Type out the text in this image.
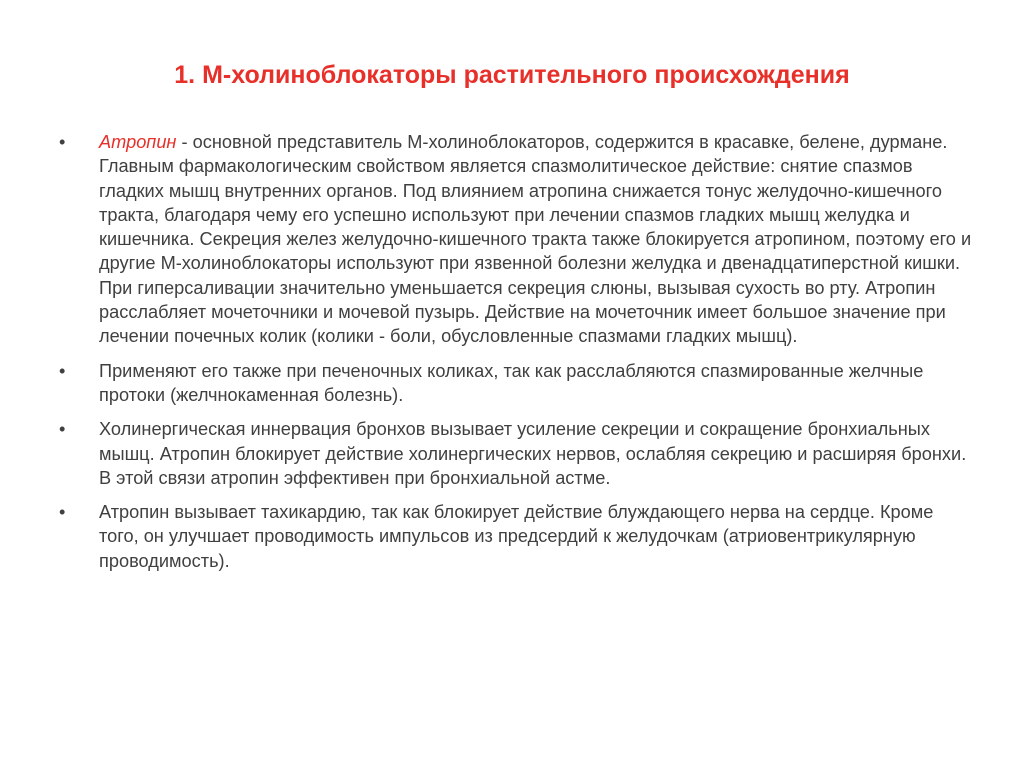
1. М-холиноблокаторы растительного происхождения
•	Атропин - основной представитель М-холиноблокаторов, содержится в красавке, белене, дурмане. Главным фармакологическим свойством является спазмолитическое действие: снятие спазмов гладких мышц внутренних органов. Под влиянием атропина снижается тонус желудочно-кишечного тракта, благодаря чему его успешно используют при лечении спазмов гладких мышц желудка и кишечника. Секреция желез желудочно-кишечного тракта также блокируется атропином, поэтому его и другие М-холиноблокаторы используют при язвенной болезни желудка и двенадцатиперстной кишки. При гиперсаливации значительно уменьшается секреция слюны, вызывая сухость во рту. Атропин расслабляет мочеточники и мочевой пузырь. Действие на мочеточник имеет большое значение при лечении почечных колик (колики - боли, обусловленные спазмами гладких мышц).
•	Применяют его также при печеночных коликах, так как расслабляются спазмированные желчные протоки (желчнокаменная болезнь).
•	Холинергическая иннервация бронхов вызывает усиление секреции и сокращение бронхиальных мышц. Атропин блокирует действие холинергических нервов, ослабляя секрецию и расширяя бронхи. В этой связи атропин эффективен при бронхиальной астме.
•	Атропин вызывает тахикардию, так как блокирует действие блуждающего нерва на сердце. Кроме того, он улучшает проводимость импульсов из предсердий к желудочкам (атриовентрикулярную проводимость).
